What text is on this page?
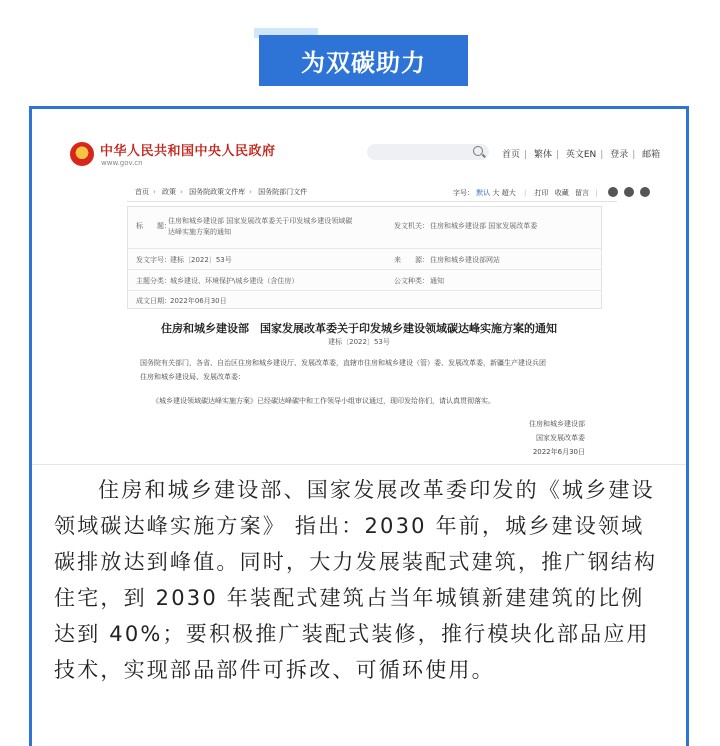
为双碳助力
中华人民共和国中央人民政府
www.gov.cn
首页 | 繁体 | 英文EN | 登录 | 邮箱
首页 › 政策 › 国务院政策文件库 › 国务院部门文件	字号： 默认 大 超大 | 打印 收藏 留言 |
标　　题：
住房和城乡建设部 国家发展改革委关于印发城乡建设领域碳达峰实施方案的通知
发文机关： 住房和城乡建设部 国家发展改革委
发文字号： 建标〔2022〕53号	来　　源： 住房和城乡建设部网站
主题分类： 城乡建设、环境保护\城乡建设（含住房）	公文种类： 通知
成文日期： 2022年06月30日
住房和城乡建设部　国家发展改革委关于印发城乡建设领域碳达峰实施方案的通知
建标〔2022〕53号
国务院有关部门，各省、自治区住房和城乡建设厅、发展改革委，直辖市住房和城乡建设（管）委、发展改革委，新疆生产建设兵团
住房和城乡建设局、发展改革委：
《城乡建设领域碳达峰实施方案》已经碳达峰碳中和工作领导小组审议通过，现印发给你们，请认真贯彻落实。
住房和城乡建设部
国家发展改革委
2022年6月30日
住房和城乡建设部、国家发展改革委印发的《城乡建设领域碳达峰实施方案》 指出：2030 年前，城乡建设领域碳排放达到峰值。同时，大力发展装配式建筑，推广钢结构住宅，到 2030 年装配式建筑占当年城镇新建建筑的比例达到 40%；要积极推广装配式装修，推行模块化部品应用技术，实现部品部件可拆改、可循环使用。
